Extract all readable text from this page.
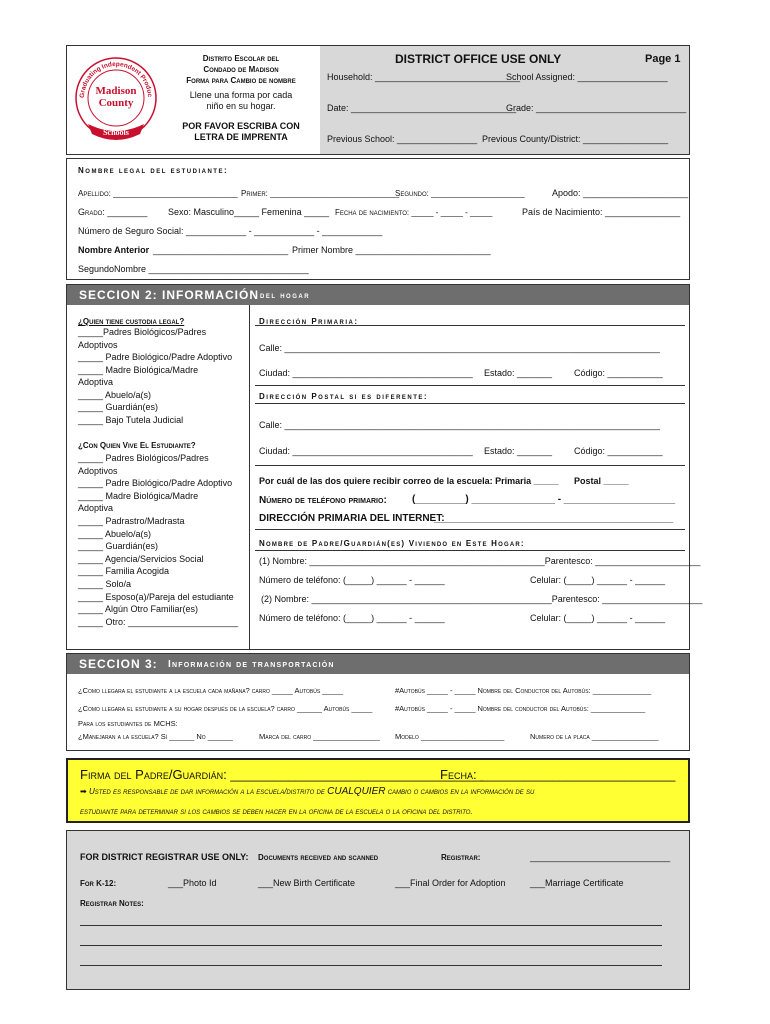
Graduating Independent Produc
Madison
County
Schools
Distrito Escolar del
Condado de Madison
Forma para Cambio de nombre
Llene una forma por cada
niño en su hogar.
POR FAVOR ESCRIBA CON
LETRA DE IMPRENTA
DISTRICT OFFICE USE ONLY	Page 1
Household: _____________________________
School Assigned: __________________
Date: _________________________________
Grade: ______________________________
Previous School: ________________ Previous County/District: _________________
Nombre legal del estudiante:
Apellido: ____________________________ Primer: _____________________________
Segundo: _____________________	Apodo: _____________________
Grado: ________ Sexo: Masculino_____ Femenina _____ Fecha de nacimiento: _____ - _____ - _____	País de Nacimiento: _______________
Número de Seguro Social: ____________ - ____________ - ____________
Nombre Anterior ___________________________ Primer Nombre ___________________________
SegundoNombre ________________________________
SECCION 2: INFORMACIÓN del hogar
¿Quien tiene custodia legal?
_____Padres Biológicos/Padres
Adoptivos
_____ Padre Biológico/Padre Adoptivo
_____ Madre Biológica/Madre
Adoptiva
_____ Abuelo/a(s)
_____ Guardián(es)
_____ Bajo Tutela Judicial
¿Con Quien Vive El Estudiante?
_____ Padres Biológicos/Padres
Adoptivos
_____ Padre Biológico/Padre Adoptivo
_____ Madre Biológica/Madre
Adoptiva
_____ Padrastro/Madrasta
_____ Abuelo/a(s)
_____ Guardián(es)
_____ Agencia/Servicios Social
_____ Familia Acogida
_____ Solo/a
_____ Esposo(a)/Pareja del estudiante
_____ Algún Otro Familiar(es)
_____ Otro: ______________________
Dirección Primaria:
Calle: ___________________________________________________________________________
Ciudad: ____________________________________ Estado: _______ Código: ___________
Dirección Postal si es diferente:
Calle: ___________________________________________________________________________
Ciudad: ____________________________________ Estado: _______ Código: ___________
Por cuál de las dos quiere recibir correo de la escuela: Primaria _____ Postal _____
Número de teléfono primario:	(_________) _______________ - ____________________
DIRECCIÓN PRIMARIA DEL INTERNET:
___________________________________________
Nombre de Padre/Guardián(es) Viviendo en Este Hogar:
(1) Nombre: _______________________________________________Parentesco: _____________________
Número de teléfono: (_____) ______ - ______	Celular: (_____) ______ - ______
(2) Nombre: ________________________________________________Parentesco: ____________________
Número de teléfono: (_____) ______ - ______	Celular: (_____) ______ - ______
SECCION 3: Información de transportación
¿Como llegara el estudiante a la escuela cada mañana? carro _____ Autobús _____	#Autobús _____ - _____ Nombre del Conductor del Autobús: ______________
¿Como llegara el estudiante a su hogar después de la escuela? carro ______ Autobús _____	#Autobús _____ - _____ Nombre del conductor del Autobús: _____________
Para los estudiantes de MCHS:
¿Manejaran a la escuela? Sí ______ No ______	Marca del carro ________________ Modelo ____________________	Numero de la placa ________________
Firma del Padre/Guardián: ___________________________________
Fecha: ___________________________
➡ Usted es responsable de dar información a la escuela/distrito de CUALQUIER cambio o cambios en la información de su
estudiante para determinar si los cambios se deben hacer en la oficina de la escuela o la oficina del distrito.
FOR DISTRICT REGISTRAR USE ONLY: Documents received and scanned	Registrar:	____________________________
For K-12:	___Photo Id	___New Birth Certificate	___Final Order for Adoption	___Marriage Certificate
Registrar Notes:
